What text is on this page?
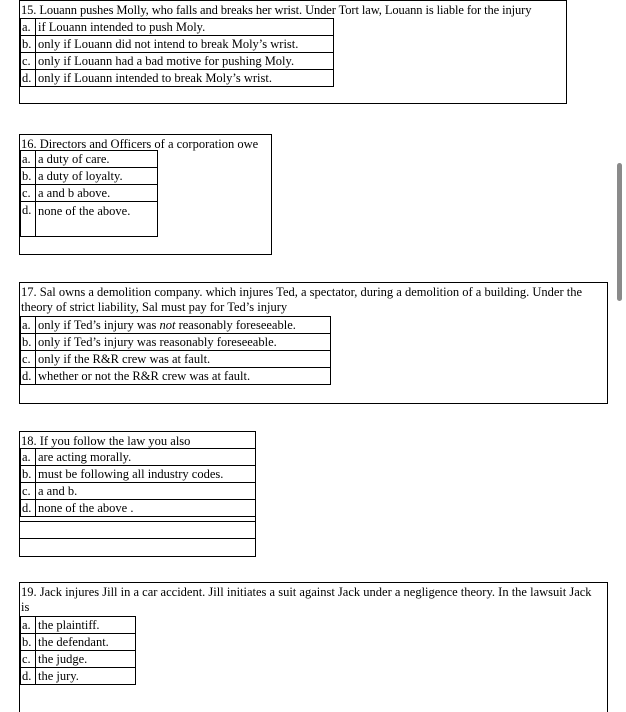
15. Louann pushes Molly, who falls and breaks her wrist. Under Tort law, Louann is liable for the injury
a.	if Louann intended to push Moly.
b.	only if Louann did not intend to break Moly’s wrist.
c.	only if Louann had a bad motive for pushing Moly.
d.	only if Louann intended to break Moly’s wrist.
16. Directors and Officers of a corporation owe
a.	a duty of care.
b.	a duty of loyalty.
c.	a and b above.
d.	none of the above.
17. Sal owns a demolition company. which injures Ted, a spectator, during a demolition of a building. Under the theory of strict liability, Sal must pay for Ted’s injury
a.	only if Ted’s injury was not reasonably foreseeable.
b.	only if Ted’s injury was reasonably foreseeable.
c.	only if the R&R crew was at fault.
d.	whether or not the R&R crew was at fault.
18. If you follow the law you also
a.	are acting morally.
b.	must be following all industry codes.
c.	a and b.
d.	none of the above .
19. Jack injures Jill in a car accident. Jill initiates a suit against Jack under a negligence theory. In the lawsuit Jack is
a.	the plaintiff.
b.	the defendant.
c.	the judge.
d.	the jury.
